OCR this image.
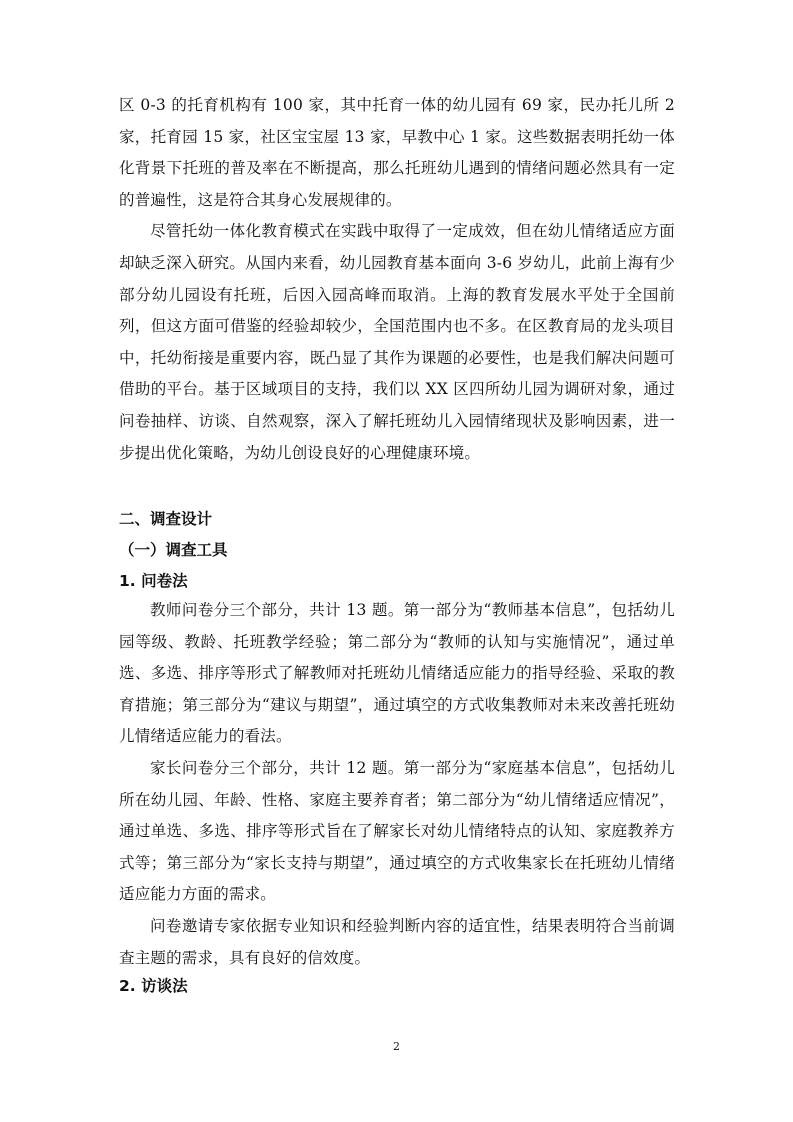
区 0-3 的托育机构有 100 家，其中托育一体的幼儿园有 69 家，民办托儿所 2 家，托育园 15 家，社区宝宝屋 13 家，早教中心 1 家。这些数据表明托幼一体化背景下托班的普及率在不断提高，那么托班幼儿遇到的情绪问题必然具有一定的普遍性，这是符合其身心发展规律的。

尽管托幼一体化教育模式在实践中取得了一定成效，但在幼儿情绪适应方面却缺乏深入研究。从国内来看，幼儿园教育基本面向 3-6 岁幼儿，此前上海有少部分幼儿园设有托班，后因入园高峰而取消。上海的教育发展水平处于全国前列，但这方面可借鉴的经验却较少，全国范围内也不多。在区教育局的龙头项目中，托幼衔接是重要内容，既凸显了其作为课题的必要性，也是我们解决问题可借助的平台。基于区域项目的支持，我们以 XX 区四所幼儿园为调研对象，通过问卷抽样、访谈、自然观察，深入了解托班幼儿入园情绪现状及影响因素，进一步提出优化策略，为幼儿创设良好的心理健康环境。

二、调查设计
（一）调查工具
1. 问卷法

教师问卷分三个部分，共计 13 题。第一部分为“教师基本信息”，包括幼儿园等级、教龄、托班教学经验；第二部分为“教师的认知与实施情况”，通过单选、多选、排序等形式了解教师对托班幼儿情绪适应能力的指导经验、采取的教育措施；第三部分为“建议与期望”，通过填空的方式收集教师对未来改善托班幼儿情绪适应能力的看法。

家长问卷分三个部分，共计 12 题。第一部分为“家庭基本信息”，包括幼儿所在幼儿园、年龄、性格、家庭主要养育者；第二部分为“幼儿情绪适应情况”，通过单选、多选、排序等形式旨在了解家长对幼儿情绪特点的认知、家庭教养方式等；第三部分为“家长支持与期望”，通过填空的方式收集家长在托班幼儿情绪适应能力方面的需求。

问卷邀请专家依据专业知识和经验判断内容的适宜性，结果表明符合当前调查主题的需求，具有良好的信效度。

2. 访谈法
2
